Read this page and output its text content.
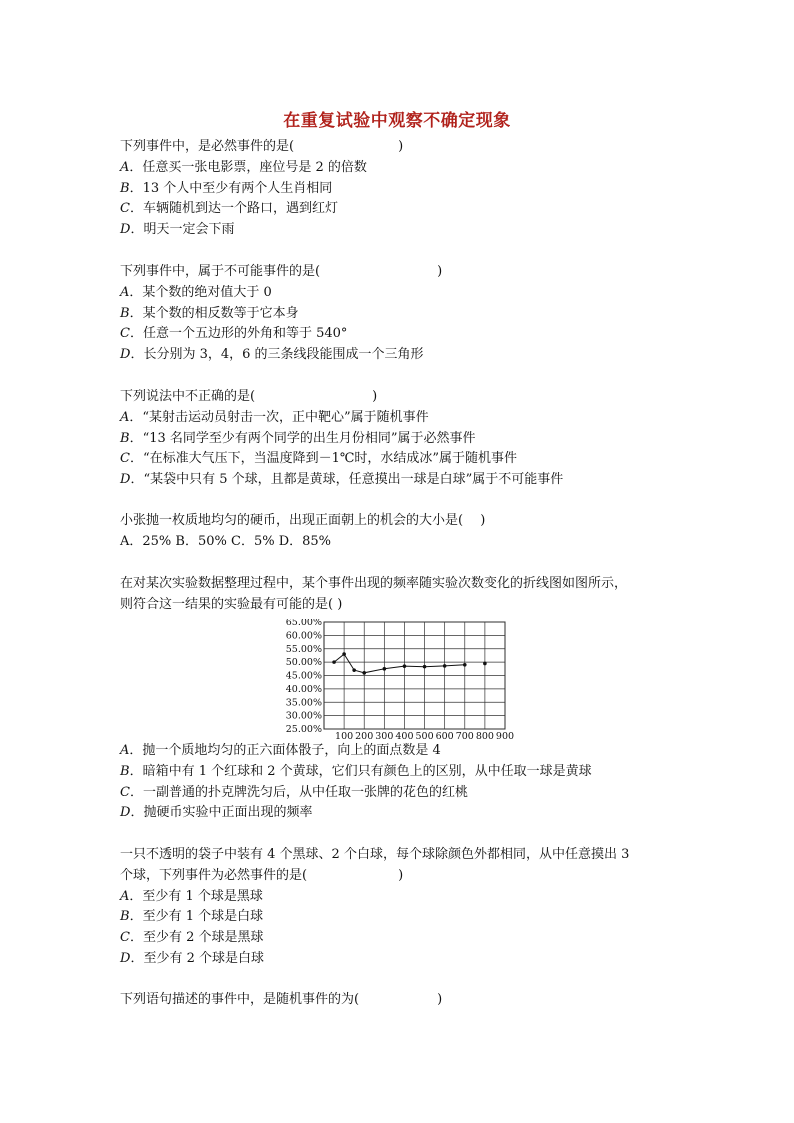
在重复试验中观察不确定现象
下列事件中，是必然事件的是(　　　　　　　　)
A．任意买一张电影票，座位号是 2 的倍数
B．13 个人中至少有两个人生肖相同
C．车辆随机到达一个路口，遇到红灯
D．明天一定会下雨
下列事件中，属于不可能事件的是(　　　　　　　　　)
A．某个数的绝对值大于 0
B．某个数的相反数等于它本身
C．任意一个五边形的外角和等于 540°
D．长分别为 3，4，6 的三条线段能围成一个三角形
下列说法中不正确的是(　　　　　　　　　)
A．“某射击运动员射击一次，正中靶心”属于随机事件
B．“13 名同学至少有两个同学的出生月份相同”属于必然事件
C．“在标准大气压下，当温度降到－1℃时，水结成冰”属于随机事件
D．“某袋中只有 5 个球，且都是黄球，任意摸出一球是白球”属于不可能事件
小张抛一枚质地均匀的硬币，出现正面朝上的机会的大小是(　 )
A．25% B．50% C．5% D．85%
在对某次实验数据整理过程中，某个事件出现的频率随实验次数变化的折线图如图所示，
则符合这一结果的实验最有可能的是( )
65.00%
60.00%
55.00%
50.00%
45.00%
40.00%
35.00%
30.00%
25.00%
100 200 300 400 500 600 700 800 900
A．抛一个质地均匀的正六面体骰子，向上的面点数是 4
B．暗箱中有 1 个红球和 2 个黄球，它们只有颜色上的区别，从中任取一球是黄球
C．一副普通的扑克牌洗匀后，从中任取一张牌的花色的红桃
D．抛硬币实验中正面出现的频率
一只不透明的袋子中装有 4 个黑球、2 个白球，每个球除颜色外都相同，从中任意摸出 3
个球，下列事件为必然事件的是(　　　　　　　)
A．至少有 1 个球是黑球
B．至少有 1 个球是白球
C．至少有 2 个球是黑球
D．至少有 2 个球是白球
下列语句描述的事件中，是随机事件的为(　　　　　　)
